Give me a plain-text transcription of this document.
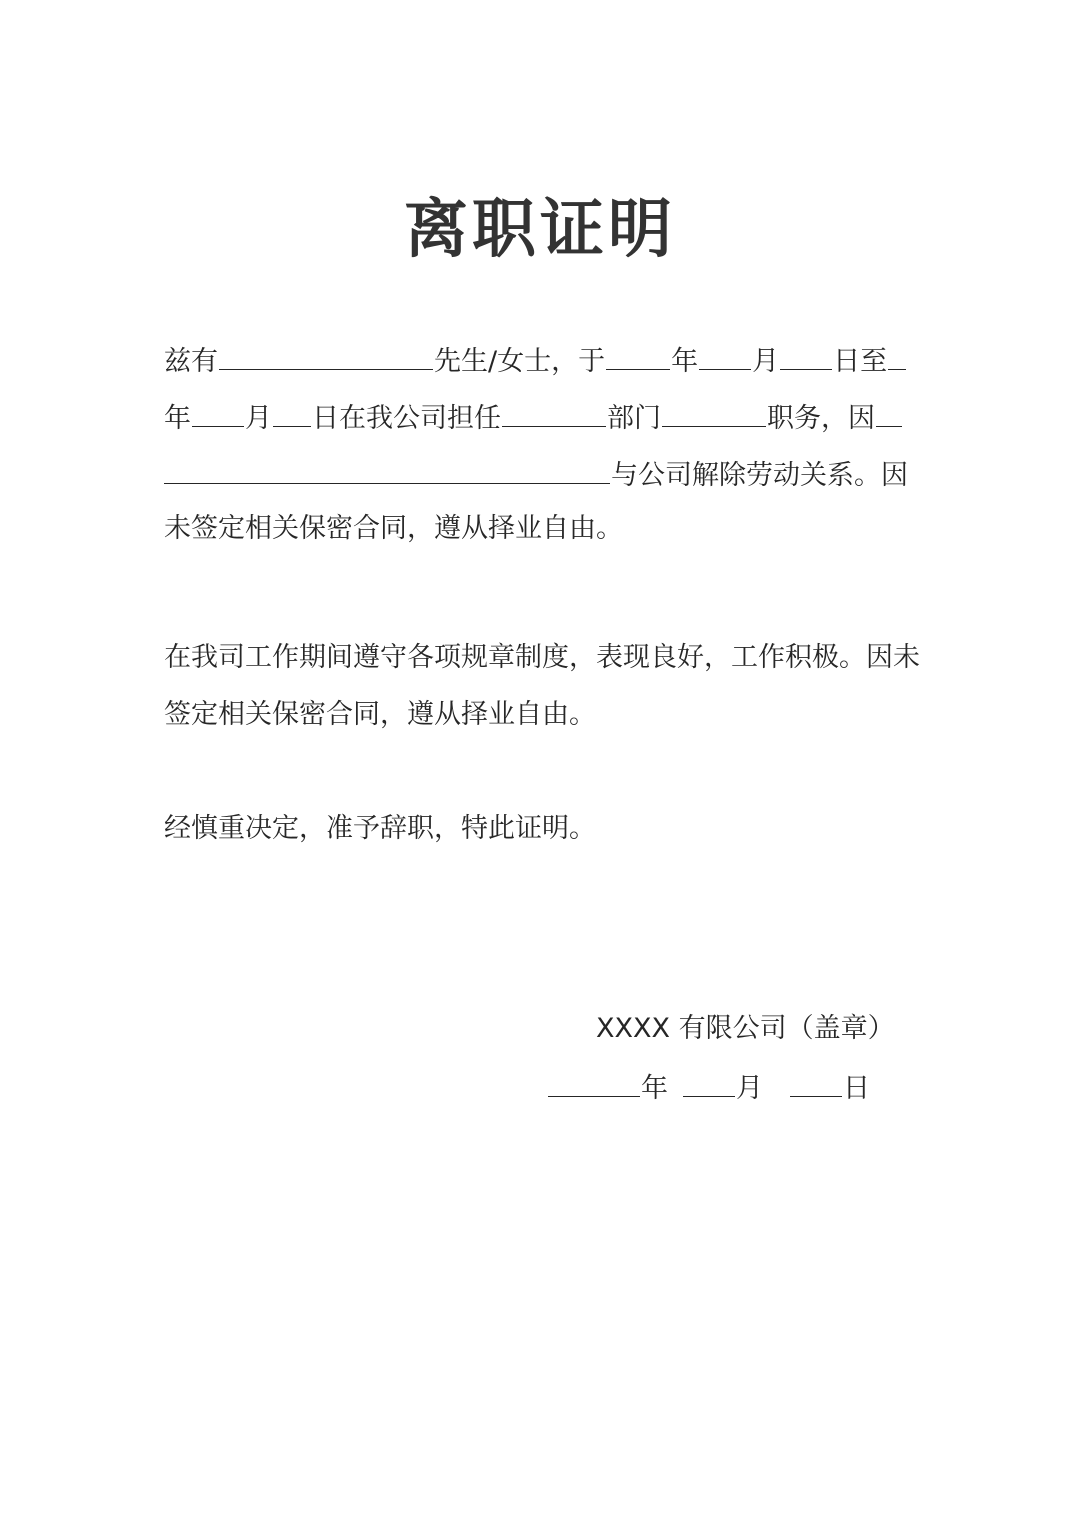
离职证明
兹有	先生/女士，于 年 月 日至
年 月 日在我公司担任	部门	职务，因
与公司解除劳动关系。因
未签定相关保密合同，遵从择业自由。
在我司工作期间遵守各项规章制度，表现良好，工作积极。因未
签定相关保密合同，遵从择业自由。
经慎重决定，准予辞职，特此证明。
XXXX 有限公司（盖章）
年	月	日
